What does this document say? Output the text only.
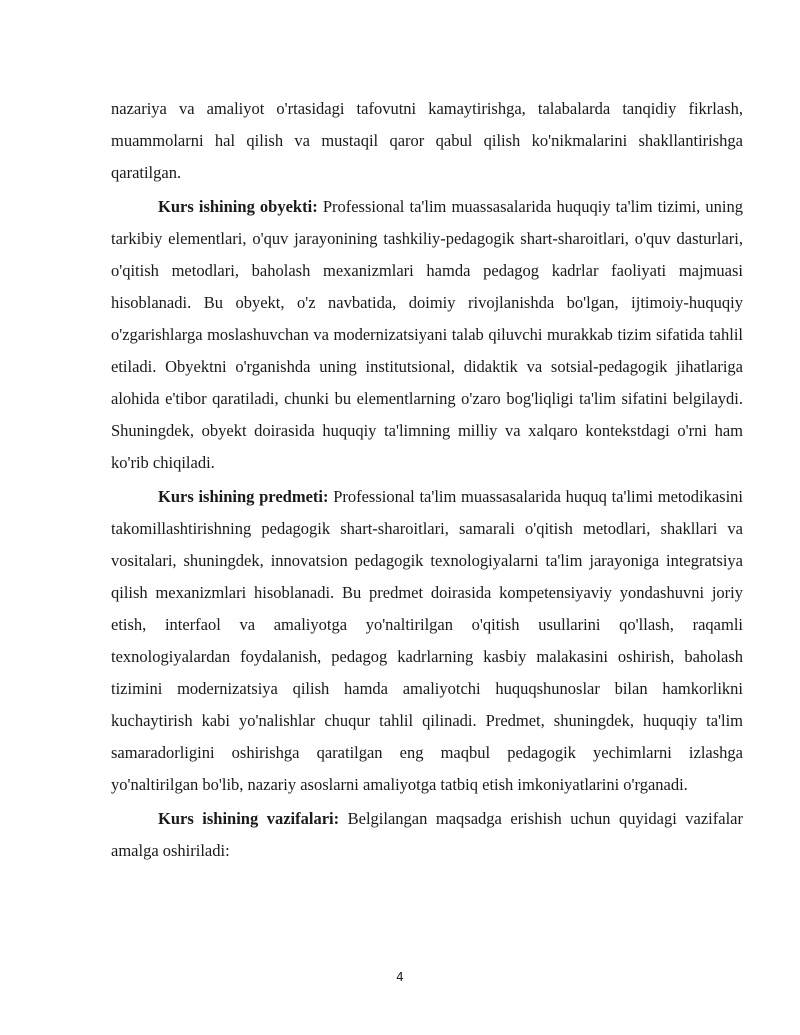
nazariya va amaliyot o'rtasidagi tafovutni kamaytirishga, talabalarda tanqidiy fikrlash, muammolarni hal qilish va mustaqil qaror qabul qilish ko'nikmalarini shakllantirishga qaratilgan.

Kurs ishining obyekti: Professional ta'lim muassasalarida huquqiy ta'lim tizimi, uning tarkibiy elementlari, o'quv jarayonining tashkiliy-pedagogik shart-sharoitlari, o'quv dasturlari, o'qitish metodlari, baholash mexanizmlari hamda pedagog kadrlar faoliyati majmuasi hisoblanadi. Bu obyekt, o'z navbatida, doimiy rivojlanishda bo'lgan, ijtimoiy-huquqiy o'zgarishlarga moslashuvchan va modernizatsiyani talab qiluvchi murakkab tizim sifatida tahlil etiladi. Obyektni o'rganishda uning institutsional, didaktik va sotsial-pedagogik jihatlariga alohida e'tibor qaratiladi, chunki bu elementlarning o'zaro bog'liqligi ta'lim sifatini belgilaydi. Shuningdek, obyekt doirasida huquqiy ta'limning milliy va xalqaro kontekstdagi o'rni ham ko'rib chiqiladi.

Kurs ishining predmeti: Professional ta'lim muassasalarida huquq ta'limi metodikasini takomillashtirishning pedagogik shart-sharoitlari, samarali o'qitish metodlari, shakllari va vositalari, shuningdek, innovatsion pedagogik texnologiyalarni ta'lim jarayoniga integratsiya qilish mexanizmlari hisoblanadi. Bu predmet doirasida kompetensiyaviy yondashuvni joriy etish, interfaol va amaliyotga yo'naltirilgan o'qitish usullarini qo'llash, raqamli texnologiyalardan foydalanish, pedagog kadrlarning kasbiy malakasini oshirish, baholash tizimini modernizatsiya qilish hamda amaliyotchi huquqshunoslar bilan hamkorlikni kuchaytirish kabi yo'nalishlar chuqur tahlil qilinadi. Predmet, shuningdek, huquqiy ta'lim samaradorligini oshirishga qaratilgan eng maqbul pedagogik yechimlarni izlashga yo'naltirilgan bo'lib, nazariy asoslarni amaliyotga tatbiq etish imkoniyatlarini o'rganadi.

Kurs ishining vazifalari: Belgilangan maqsadga erishish uchun quyidagi vazifalar amalga oshiriladi:

4
